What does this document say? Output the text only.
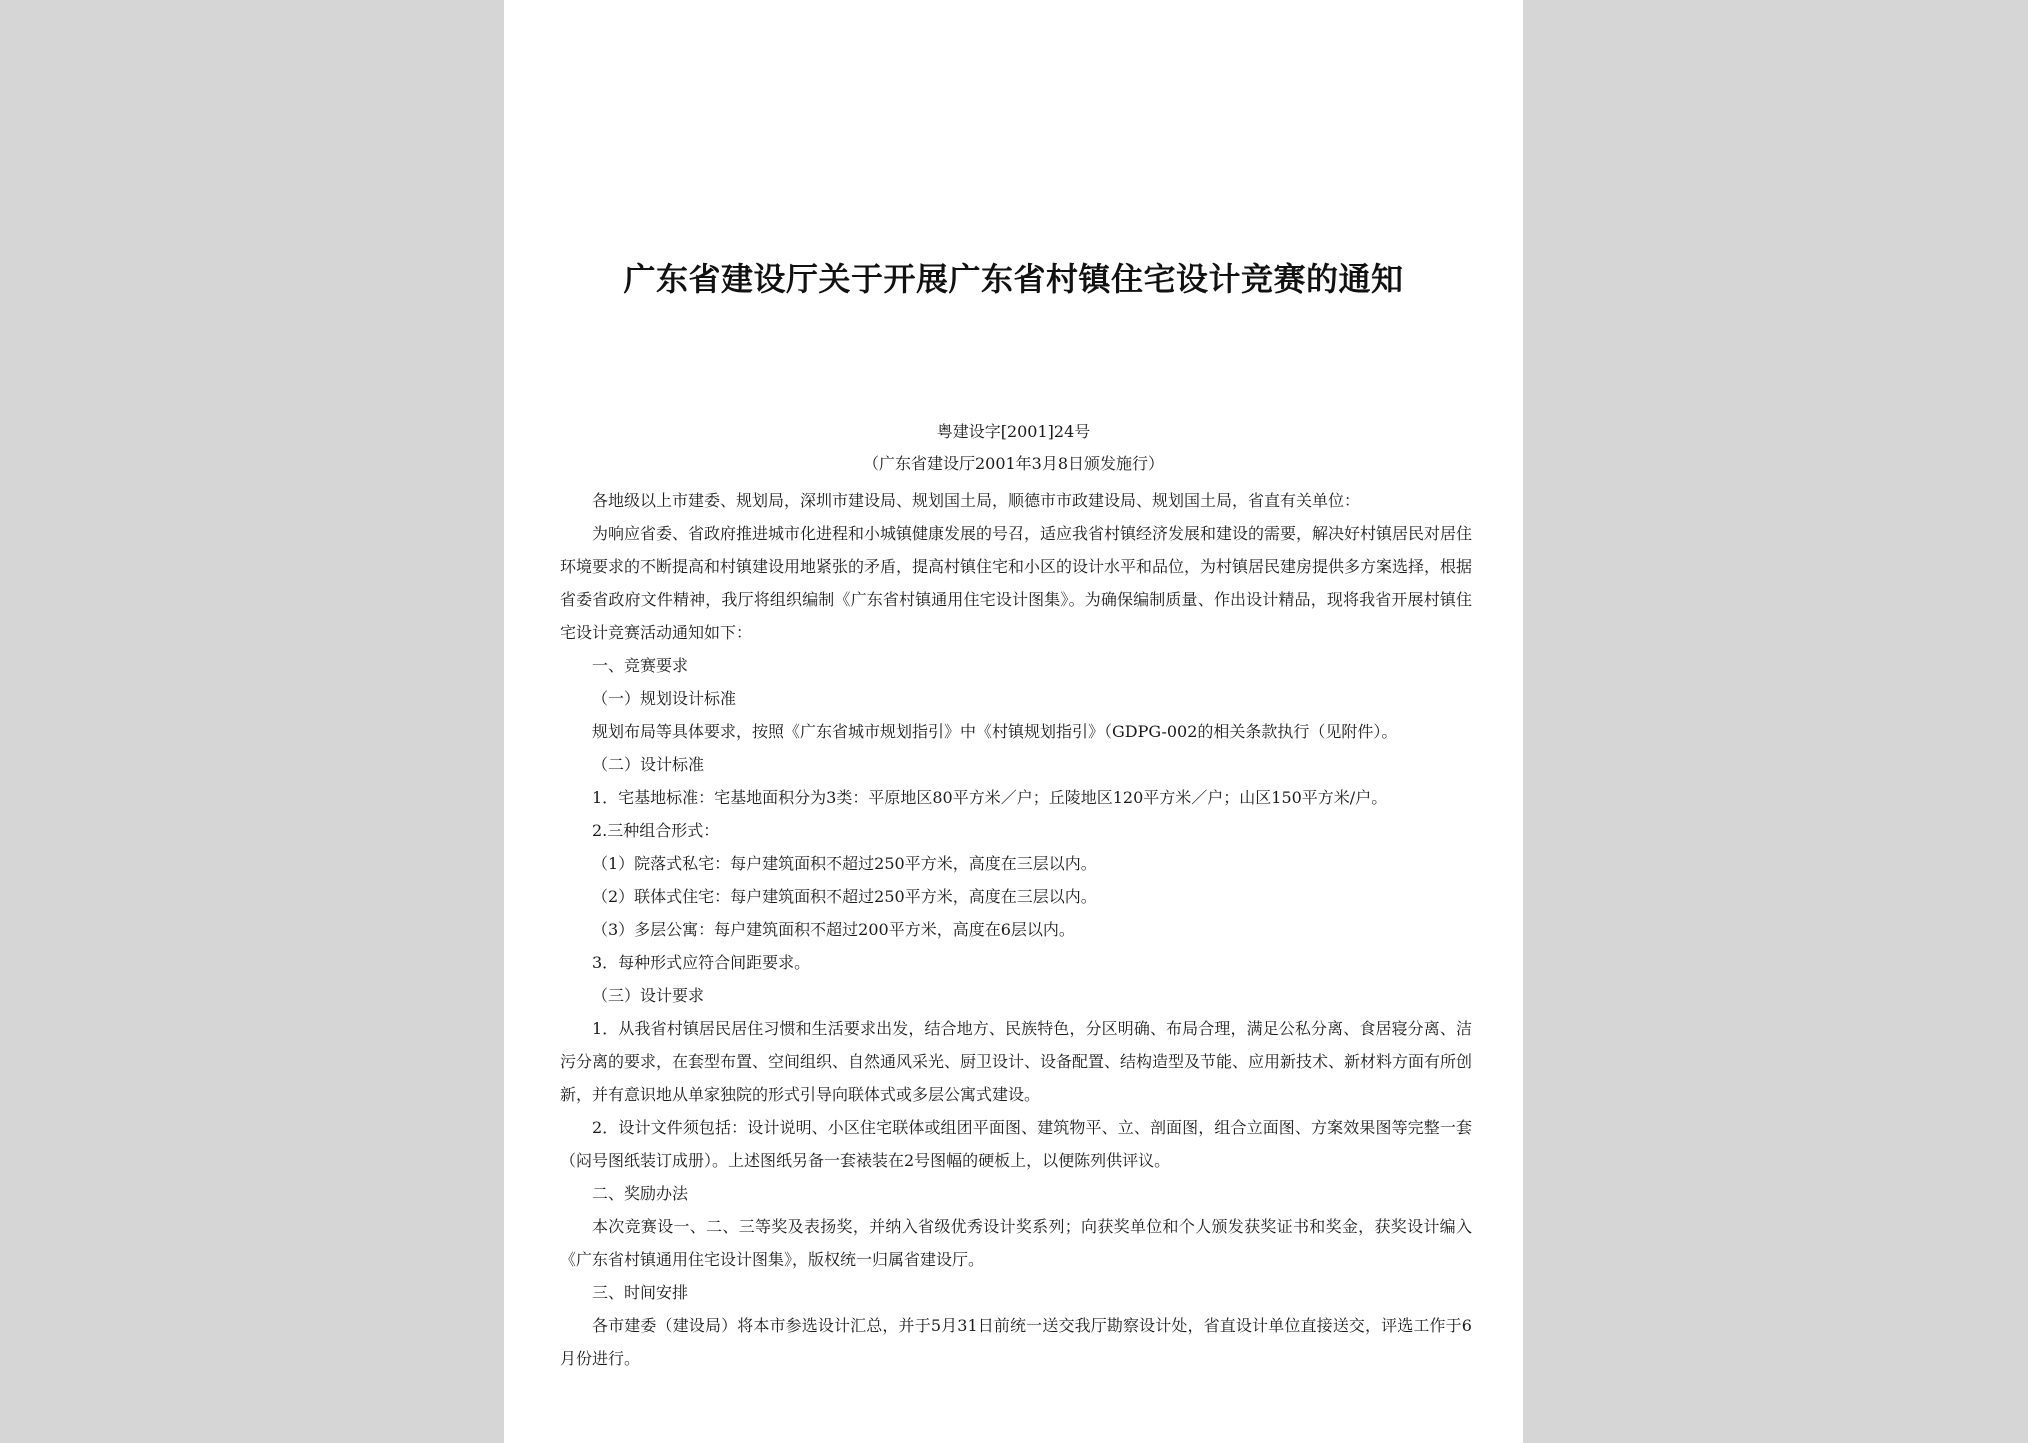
广东省建设厅关于开展广东省村镇住宅设计竞赛的通知
粤建设字[2001]24号
（广东省建设厅2001年3月8日颁发施行）

各地级以上市建委、规划局，深圳市建设局、规划国土局，顺德市市政建设局、规划国土局，省直有关单位：

为响应省委、省政府推进城市化进程和小城镇健康发展的号召，适应我省村镇经济发展和建设的需要，解决好村镇居民对居住环境要求的不断提高和村镇建设用地紧张的矛盾，提高村镇住宅和小区的设计水平和品位，为村镇居民建房提供多方案选择，根据省委省政府文件精神，我厅将组织编制《广东省村镇通用住宅设计图集》。为确保编制质量、作出设计精品，现将我省开展村镇住宅设计竞赛活动通知如下：

一、竞赛要求

（一）规划设计标准

规划布局等具体要求，按照《广东省城市规划指引》中《村镇规划指引》（GDPG-002的相关条款执行（见附件）。

（二）设计标准

1．宅基地标准：宅基地面积分为3类：平原地区80平方米／户；丘陵地区120平方米／户；山区150平方米/户。

2.三种组合形式：

（1）院落式私宅：每户建筑面积不超过250平方米，高度在三层以内。

（2）联体式住宅：每户建筑面积不超过250平方米，高度在三层以内。

（3）多层公寓：每户建筑面积不超过200平方米，高度在6层以内。

3．每种形式应符合间距要求。

（三）设计要求

1．从我省村镇居民居住习惯和生活要求出发，结合地方、民族特色，分区明确、布局合理，满足公私分离、食居寝分离、洁污分离的要求，在套型布置、空间组织、自然通风采光、厨卫设计、设备配置、结构造型及节能、应用新技术、新材料方面有所创新，并有意识地从单家独院的形式引导向联体式或多层公寓式建设。

2．设计文件须包括：设计说明、小区住宅联体或组团平面图、建筑物平、立、剖面图，组合立面图、方案效果图等完整一套（闷号图纸装订成册）。上述图纸另备一套裱装在2号图幅的硬板上，以便陈列供评议。

二、奖励办法

本次竞赛设一、二、三等奖及表扬奖，并纳入省级优秀设计奖系列；向获奖单位和个人颁发获奖证书和奖金，获奖设计编入《广东省村镇通用住宅设计图集》，版权统一归属省建设厅。

三、时间安排

各市建委（建设局）将本市参选设计汇总，并于5月31日前统一送交我厅勘察设计处，省直设计单位直接送交，评选工作于6月份进行。
